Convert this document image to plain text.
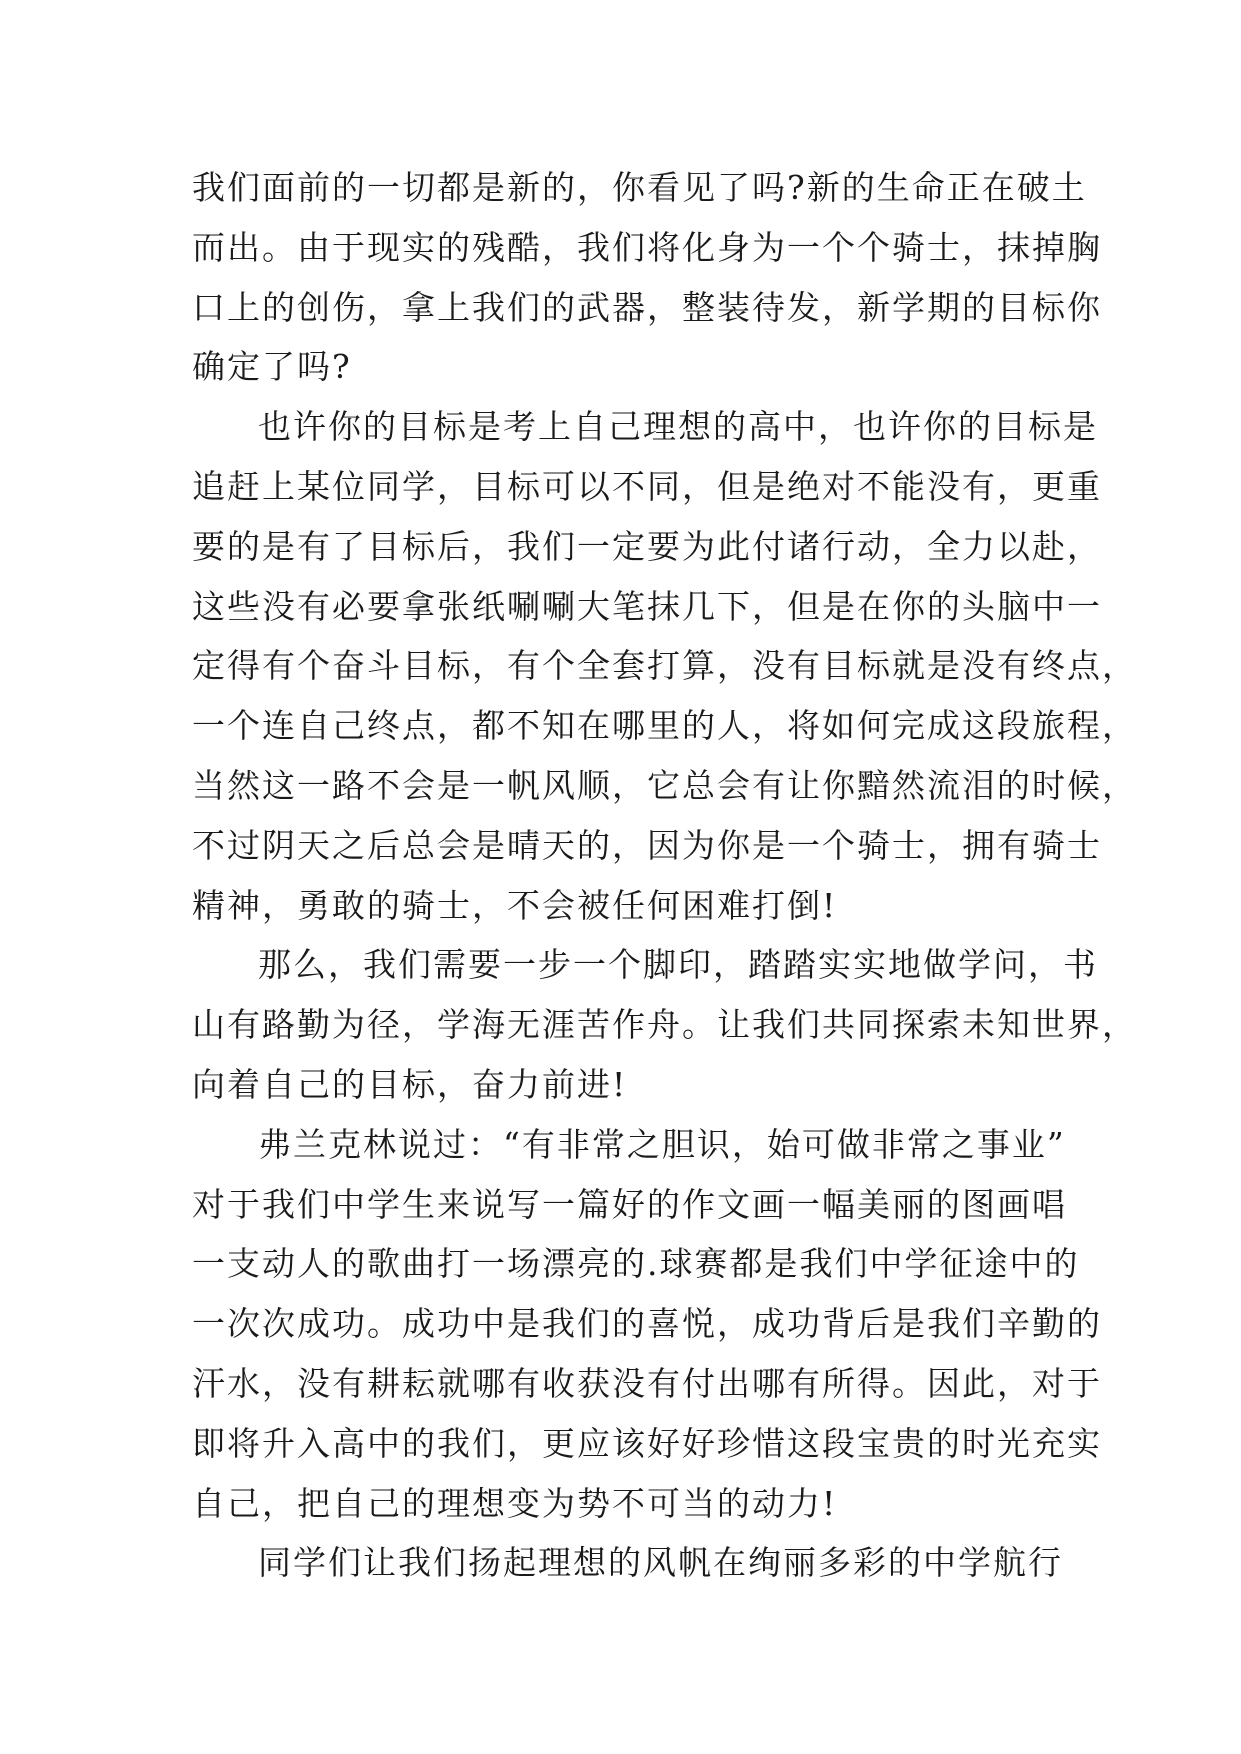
我们面前的一切都是新的，你看见了吗?新的生命正在破土
而出。由于现实的残酷，我们将化身为一个个骑士，抹掉胸
口上的创伤，拿上我们的武器，整装待发，新学期的目标你
确定了吗?
也许你的目标是考上自己理想的高中，也许你的目标是
追赶上某位同学，目标可以不同，但是绝对不能没有，更重
要的是有了目标后，我们一定要为此付诸行动，全力以赴，
这些没有必要拿张纸唰唰大笔抹几下，但是在你的头脑中一
定得有个奋斗目标，有个全套打算，没有目标就是没有终点，
一个连自己终点，都不知在哪里的人，将如何完成这段旅程，
当然这一路不会是一帆风顺，它总会有让你黯然流泪的时候，
不过阴天之后总会是晴天的，因为你是一个骑士，拥有骑士
精神，勇敢的骑士，不会被任何困难打倒!
那么，我们需要一步一个脚印，踏踏实实地做学问，书
山有路勤为径，学海无涯苦作舟。让我们共同探索未知世界，
向着自己的目标，奋力前进!
弗兰克林说过：“有非常之胆识，始可做非常之事业”
对于我们中学生来说写一篇好的作文画一幅美丽的图画唱
一支动人的歌曲打一场漂亮的.球赛都是我们中学征途中的
一次次成功。成功中是我们的喜悦，成功背后是我们辛勤的
汗水，没有耕耘就哪有收获没有付出哪有所得。因此，对于
即将升入高中的我们，更应该好好珍惜这段宝贵的时光充实
自己，把自己的理想变为势不可当的动力!
同学们让我们扬起理想的风帆在绚丽多彩的中学航行
